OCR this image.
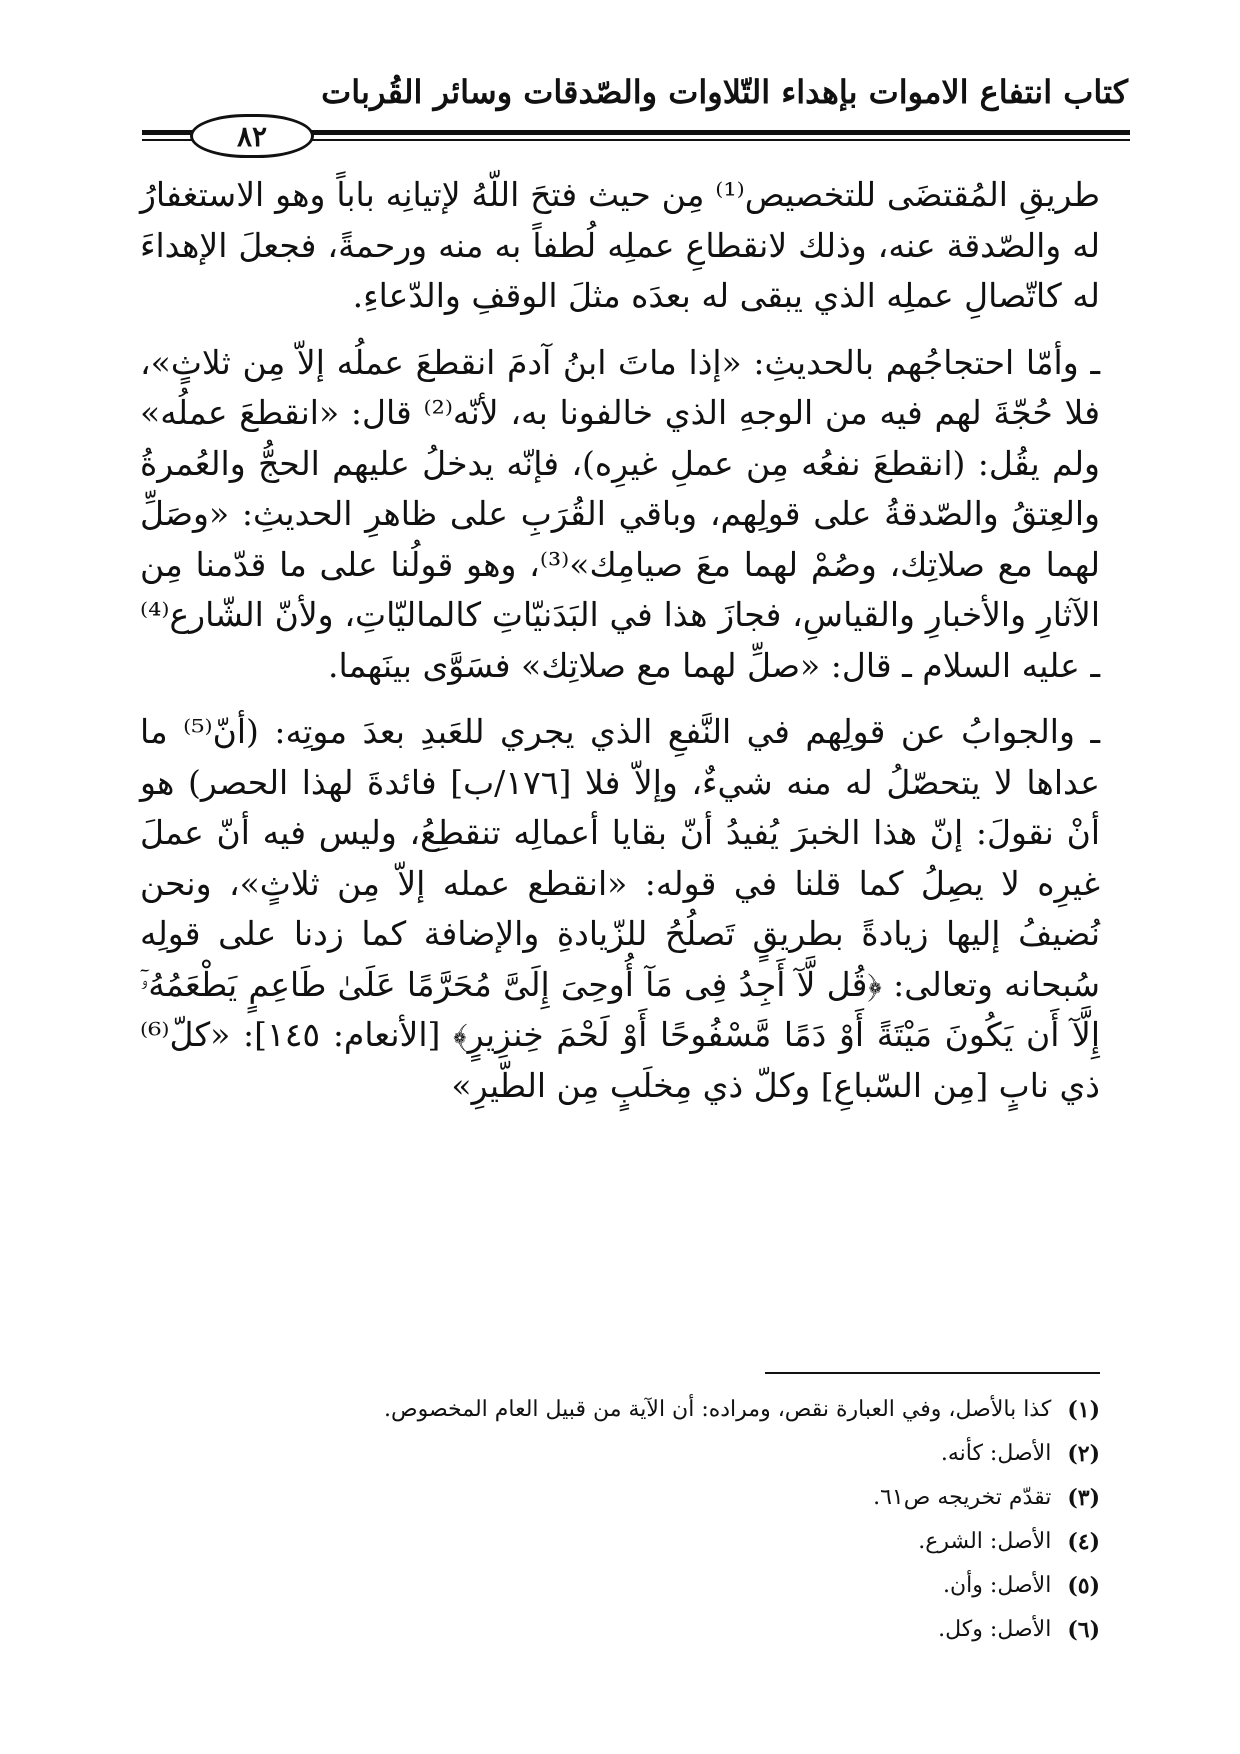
كتاب انتفاع الاموات بإهداء التّلاوات والصّدقات وسائر القُربات
٨٢

طريقِ المُقتضَى للتخصيص⁽¹⁾ مِن حيث فتحَ اللّهُ لإتيانِه باباً وهو الاستغفارُ له والصّدقة عنه، وذلك لانقطاعِ عملِه لُطفاً به منه ورحمةً، فجعلَ الإهداءَ له كاتّصالِ عملِه الذي يبقى له بعدَه مثلَ الوقفِ والدّعاءِ.

ـ وأمّا احتجاجُهم بالحديثِ: «إذا ماتَ ابنُ آدمَ انقطعَ عملُه إلاّ مِن ثلاثٍ»، فلا حُجّةَ لهم فيه من الوجهِ الذي خالفونا به، لأنّه⁽²⁾ قال: «انقطعَ عملُه» ولم يقُل: (انقطعَ نفعُه مِن عملِ غيرِه)، فإنّه يدخلُ عليهم الحجُّ والعُمرةُ والعِتقُ والصّدقةُ على قولِهم، وباقي القُرَبِ على ظاهرِ الحديثِ: «وصَلِّ لهما مع صلاتِك، وصُمْ لهما معَ صيامِك»⁽³⁾، وهو قولُنا على ما قدّمنا مِن الآثارِ والأخبارِ والقياسِ، فجازَ هذا في البَدَنيّاتِ كالماليّاتِ، ولأنّ الشّارع⁽⁴⁾ ـ عليه السلام ـ قال: «صلِّ لهما مع صلاتِك» فسَوَّى بينَهما.

ـ والجوابُ عن قولِهم في النَّفعِ الذي يجري للعَبدِ بعدَ موتِه: (أنّ⁽⁵⁾ ما عداها لا يتحصّلُ له منه شيءٌ، وإلاّ فلا [١٧٦/ب] فائدةَ لهذا الحصر) هو أنْ نقولَ: إنّ هذا الخبرَ يُفيدُ أنّ بقايا أعمالِه تنقطِعُ، وليس فيه أنّ عملَ غيرِه لا يصِلُ كما قلنا في قوله: «انقطع عمله إلاّ مِن ثلاثٍ»، ونحن نُضيفُ إليها زيادةً بطريقٍ تَصلُحُ للزّيادةِ والإضافة كما زدنا على قولِه سُبحانه وتعالى: ﴿قُل لَّآ أَجِدُ فِى مَآ أُوحِىَ إِلَىَّ مُحَرَّمًا عَلَىٰ طَاعِمٍ يَطْعَمُهُۥٓ إِلَّآ أَن يَكُونَ مَيْتَةً أَوْ دَمًا مَّسْفُوحًا أَوْ لَحْمَ خِنزِيرٍ﴾ [الأنعام: ١٤٥]: «كلّ⁽⁶⁾ ذي نابٍ [مِن السّباعِ] وكلّ ذي مِخلَبٍ مِن الطّيرِ»

(١)
كذا بالأصل، وفي العبارة نقص، ومراده: أن الآية من قبيل العام المخصوص.
(٢)
الأصل: كأنه.
(٣)
تقدّم تخريجه ص٦١.
(٤)
الأصل: الشرع.
(٥)
الأصل: وأن.
(٦)
الأصل: وكل.
